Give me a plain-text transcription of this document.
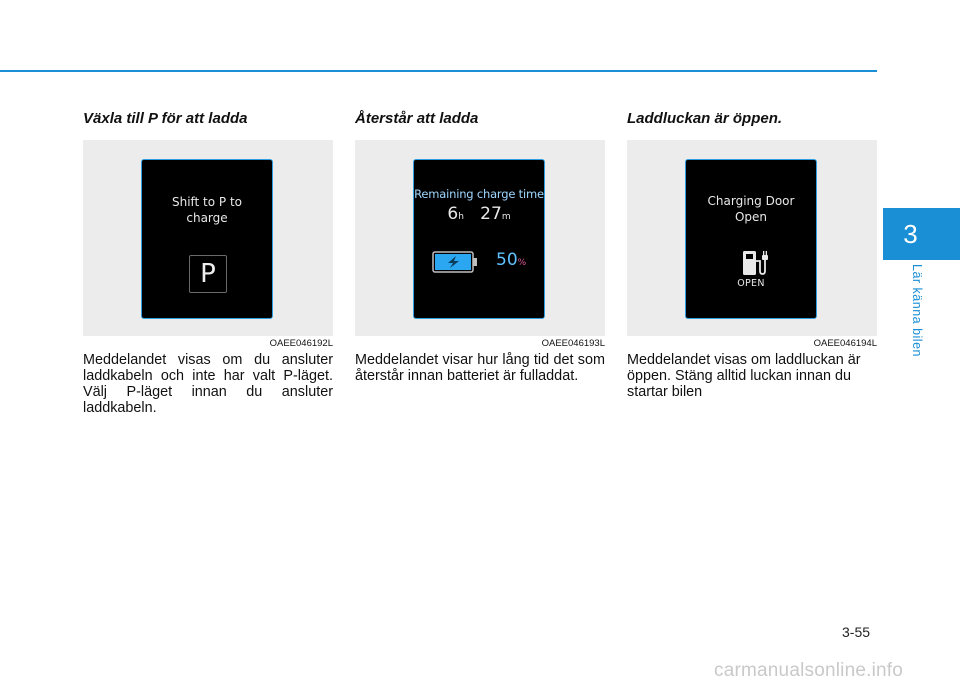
3
Lär känna bilen
Växla till P för att ladda
Shift to P to
charge
P
OAEE046192L

Meddelandet visas om du ansluter laddkabeln och inte har valt P-läget. Välj P-läget innan du ansluter laddkabeln.

Återstår att ladda
Remaining charge time
6h 27m
50%
OAEE046193L

Meddelandet visar hur lång tid det som återstår innan batteriet är fulladdat.

Laddluckan är öppen.
Charging Door
Open
OPEN
OAEE046194L

Meddelandet visas om laddluckan är öppen. Stäng alltid luckan innan du startar bilen

3-55
carmanualsonline.info
